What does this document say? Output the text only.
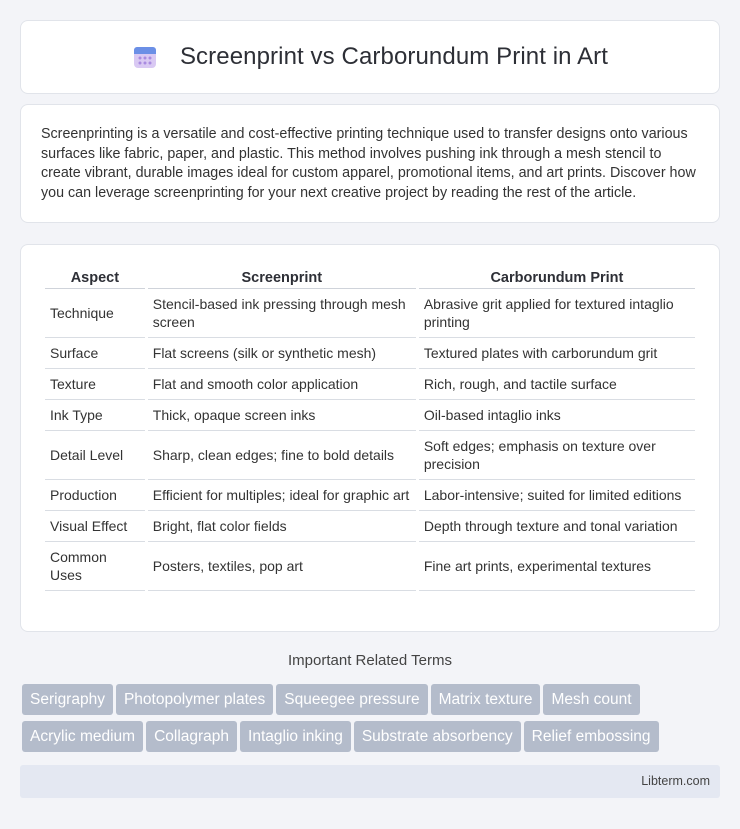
Screenprint vs Carborundum Print in Art

Screenprinting is a versatile and cost-effective printing technique used to transfer designs onto various surfaces like fabric, paper, and plastic. This method involves pushing ink through a mesh stencil to create vibrant, durable images ideal for custom apparel, promotional items, and art prints. Discover how you can leverage screenprinting for your next creative project by reading the rest of the article.

Aspect	Screenprint	Carborundum Print
Technique	Stencil-based ink pressing through mesh screen	Abrasive grit applied for textured intaglio printing
Surface	Flat screens (silk or synthetic mesh)	Textured plates with carborundum grit
Texture	Flat and smooth color application	Rich, rough, and tactile surface
Ink Type	Thick, opaque screen inks	Oil-based intaglio inks
Detail Level	Sharp, clean edges; fine to bold details	Soft edges; emphasis on texture over precision
Production	Efficient for multiples; ideal for graphic art	Labor-intensive; suited for limited editions
Visual Effect	Bright, flat color fields	Depth through texture and tonal variation
Common Uses	Posters, textiles, pop art	Fine art prints, experimental textures
Important Related Terms
Serigraphy Photopolymer plates Squeegee pressure Matrix texture Mesh countAcrylic medium Collagraph Intaglio inking Substrate absorbency Relief embossing
Libterm.com
